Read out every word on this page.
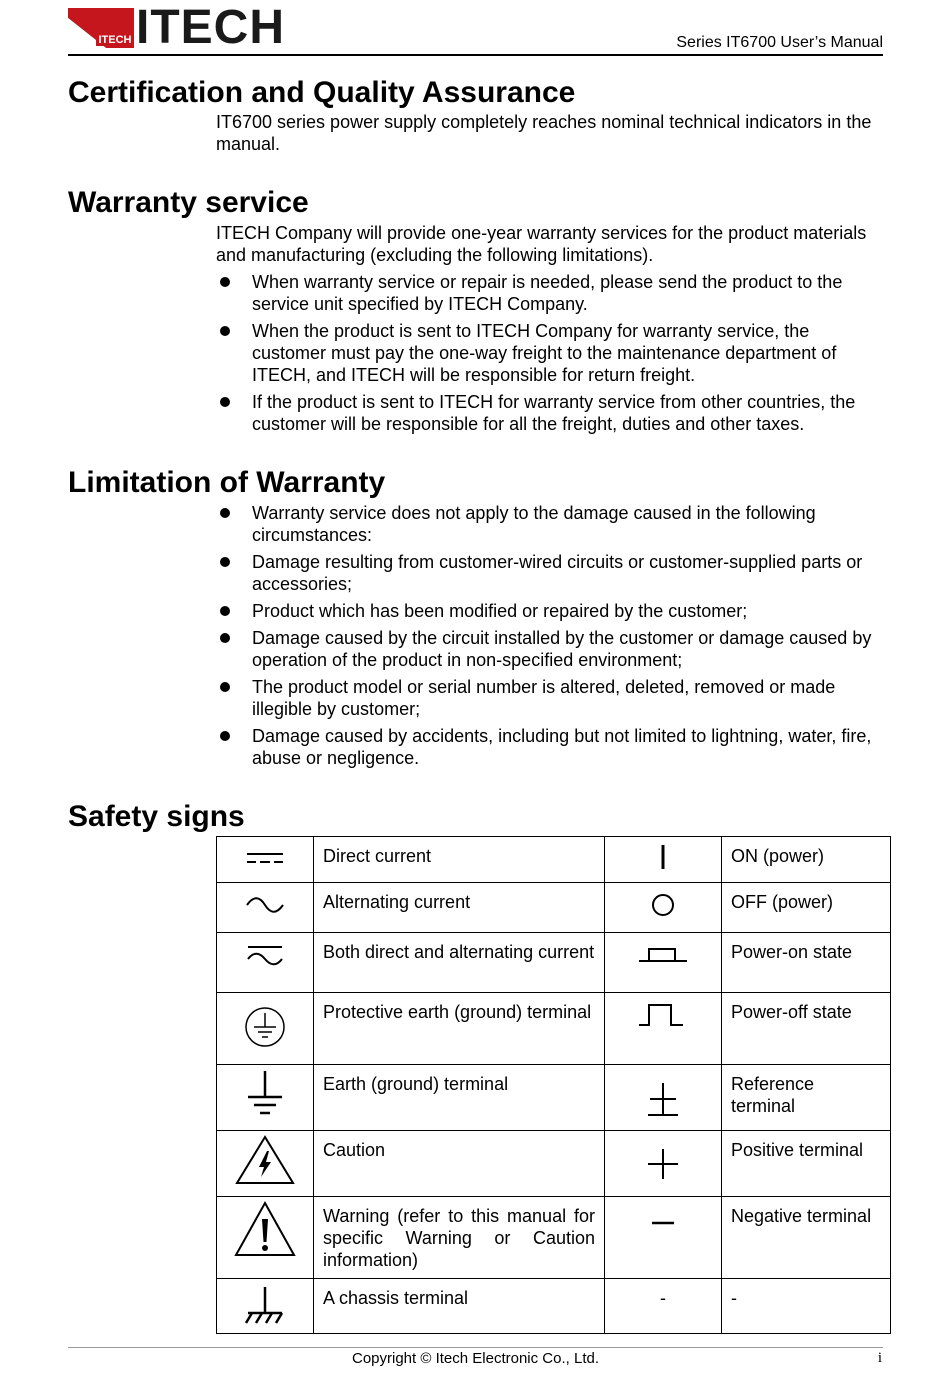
ITECH ITECH	Series IT6700 User’s Manual
Certification and Quality Assurance

IT6700 series power supply completely reaches nominal technical indicators in the manual.

Warranty service

ITECH Company will provide one-year warranty services for the product materials and manufacturing (excluding the following limitations).

When warranty service or repair is needed, please send the product to the service unit specified by ITECH Company.
When the product is sent to ITECH Company for warranty service, the customer must pay the one-way freight to the maintenance department of ITECH, and ITECH will be responsible for return freight.
If the product is sent to ITECH for warranty service from other countries, the customer will be responsible for all the freight, duties and other taxes.
Limitation of Warranty
Warranty service does not apply to the damage caused in the following circumstances:
Damage resulting from customer-wired circuits or customer-supplied parts or accessories;
Product which has been modified or repaired by the customer;
Damage caused by the circuit installed by the customer or damage caused by operation of the product in non-specified environment;
The product model or serial number is altered, deleted, removed or made illegible by customer;
Damage caused by accidents, including but not limited to lightning, water, fire, abuse or negligence.
Safety signs
	Direct current		ON (power)

	Alternating current		OFF (power)

	Both direct and alternating current		Power-on state

	Protective earth (ground) terminal		Power-off state

	Earth (ground) terminal		Reference terminal

	Caution		Positive terminal

	Warning (refer to this manual for specific Warning or Caution information)		Negative terminal

	A chassis terminal	-	-
Copyright © Itech Electronic Co., Ltd.	i
